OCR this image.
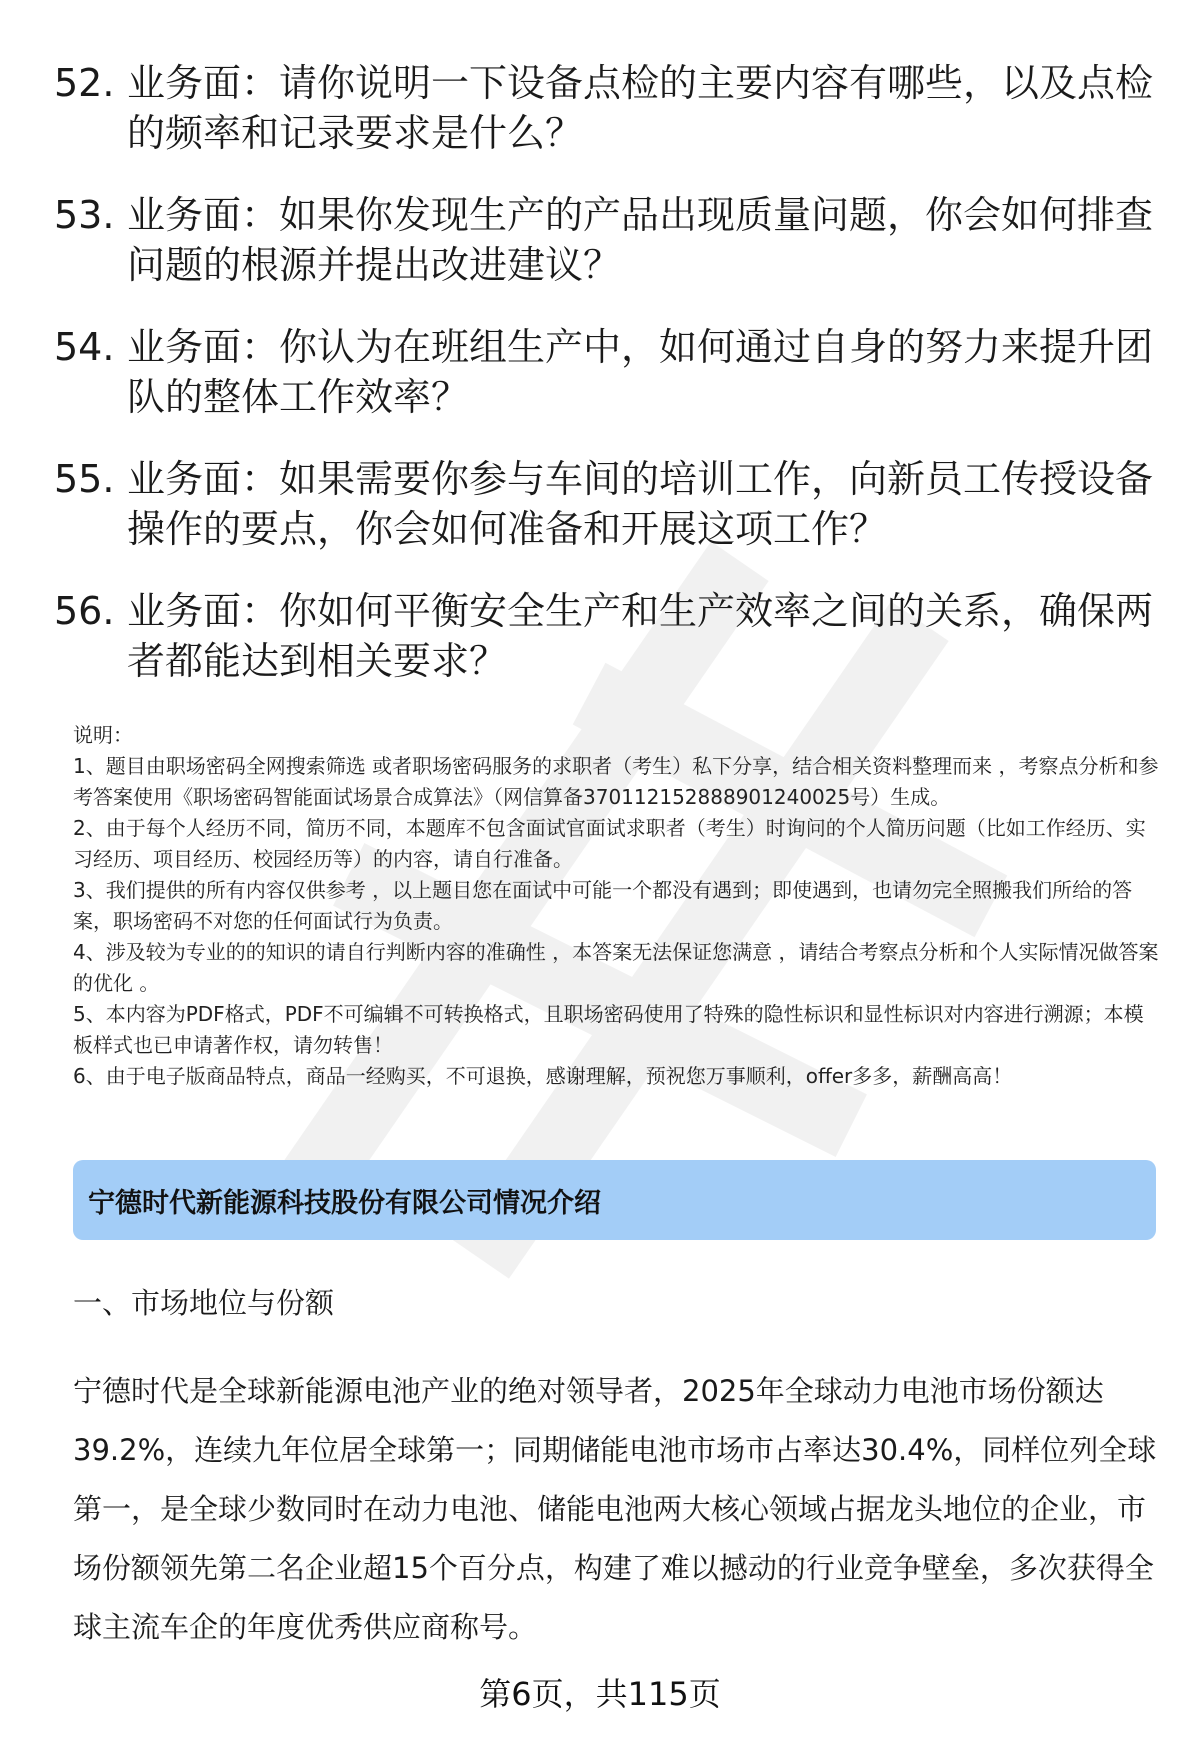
52. 业务面：请你说明一下设备点检的主要内容有哪些，以及点检的频率和记录要求是什么？
53. 业务面：如果你发现生产的产品出现质量问题，你会如何排查问题的根源并提出改进建议？
54. 业务面：你认为在班组生产中，如何通过自身的努力来提升团队的整体工作效率？
55. 业务面：如果需要你参与车间的培训工作，向新员工传授设备操作的要点，你会如何准备和开展这项工作？
56. 业务面：你如何平衡安全生产和生产效率之间的关系，确保两者都能达到相关要求？

说明：

1、题目由职场密码全网搜索筛选 或者职场密码服务的求职者（考生）私下分享，结合相关资料整理而来 ，考察点分析和参考答案使用《职场密码智能面试场景合成算法》（网信算备370112152888901240025号）生成。

2、由于每个人经历不同，简历不同，本题库不包含面试官面试求职者（考生）时询问的个人简历问题（比如工作经历、实习经历、项目经历、校园经历等）的内容，请自行准备。

3、我们提供的所有内容仅供参考 ，以上题目您在面试中可能一个都没有遇到；即使遇到，也请勿完全照搬我们所给的答案，职场密码不对您的任何面试行为负责。

4、涉及较为专业的的知识的请自行判断内容的准确性 ，本答案无法保证您满意 ，请结合考察点分析和个人实际情况做答案的优化 。

5、本内容为PDF格式，PDF不可编辑不可转换格式，且职场密码使用了特殊的隐性标识和显性标识对内容进行溯源；本模板样式也已申请著作权，请勿转售！

6、由于电子版商品特点，商品一经购买，不可退换，感谢理解，预祝您万事顺利，offer多多，薪酬高高！

宁德时代新能源科技股份有限公司情况介绍
一、市场地位与份额

宁德时代是全球新能源电池产业的绝对领导者，2025年全球动力电池市场份额达39.2%，连续九年位居全球第一；同期储能电池市场市占率达30.4%，同样位列全球第一，是全球少数同时在动力电池、储能电池两大核心领域占据龙头地位的企业，市场份额领先第二名企业超15个百分点，构建了难以撼动的行业竞争壁垒，多次获得全球主流车企的年度优秀供应商称号。

第6页，共115页
